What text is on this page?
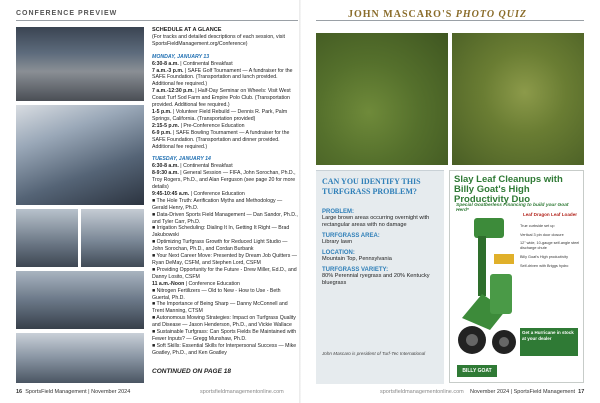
CONFERENCE PREVIEW

SCHEDULE AT A GLANCE

(For tracks and detailed descriptions of each session, visit SportsFieldManagement.org/Conference)

MONDAY, JANUARY 13

6:30-8 a.m. | Continental Breakfast

7 a.m.-3 p.m. | SAFE Golf Tournament — A fundraiser for the SAFE Foundation. (Transportation and lunch provided. Additional fee required.)

7 a.m.-12:30 p.m. | Half-Day Seminar on Wheels: Visit West Coast Turf Sod Farm and Empire Polo Club. (Transportation provided. Additional fee required.)

1-5 p.m. | Volunteer Field Rebuild — Dennis R. Park, Palm Springs, California. (Transportation provided)

2:15-5 p.m. | Pre-Conference Education

6-9 p.m. | SAFE Bowling Tournament — A fundraiser for the SAFE Foundation. (Transportation and dinner provided. Additional fee required.)

TUESDAY, JANUARY 14

6:30-8 a.m. | Continental Breakfast

8-9:30 a.m. | General Session — FIFA, John Sorochan, Ph.D., Troy Rogers, Ph.D., and Alan Ferguson (see page 20 for more details)

9:45-10:45 a.m. | Conference Education

■ The Hole Truth: Aerification Myths and Methodology — Gerald Henry, Ph.D.

■ Data-Driven Sports Field Management — Dan Sandor, Ph.D., and Tyler Carr, Ph.D.

■ Irrigation Scheduling: Dialing It In, Getting It Right — Brad Jakubowski

■ Optimizing Turfgrass Growth for Reduced Light Studio — John Sorochan, Ph.D., and Cordan Burbank

■ Your Next Career Move: Presented by Dream Job Quitters — Ryan DeMay, CSFM, and Stephen Lord, CSFM

■ Providing Opportunity for the Future - Drew Miller, Ed.D., and Danny Losito, CSFM

11 a.m.-Noon | Conference Education

■ Nitrogen Fertilizers — Old to New - How to Use - Beth Guertal, Ph.D.

■ The Importance of Being Sharp — Danny McConnell and Trent Manning, CTSM

■ Autonomous Mowing Strategies: Impact on Turfgrass Quality and Disease — Jason Henderson, Ph.D., and Vickie Wallace

■ Sustainable Turfgrass: Can Sports Fields Be Maintained with Fewer Inputs? — Gregg Munshaw, Ph.D.

■ Soft Skills: Essential Skills for Interpersonal Success — Mike Goatley, Ph.D., and Ken Goatley

CONTINUED ON PAGE 18
16 SportsField Management | November 2024	sportsfieldmanagementonline.com
JOHN MASCARO'S PHOTO QUIZ
CAN YOU IDENTIFY THIS TURFGRASS PROBLEM?
PROBLEM:
Large brown areas occurring overnight with rectangular areas with no damage
TURFGRASS AREA:
Library lawn
LOCATION:
Mountain Top, Pennsylvania
TURFGRASS VARIETY:
80% Perennial ryegrass and 20% Kentucky bluegrass
John Mascaro is president of Turf-Tec International
Slay Leaf Cleanups with Billy Goat's High Productivity Duo
Special Goatberless Financing to build your Goat Herd*
Leaf Dragon Leaf Loader

True curbside set up

Vertical 3 pin door closure

12" wide, 10-gauge self-angle steel discharge chute

Billy Goat's High productivity

Self-driven with Briggs hydro

Get a Hurricane in stock at your dealer
BILLY GOAT
sportsfieldmanagementonline.com November 2024 | SportsField Management 17
